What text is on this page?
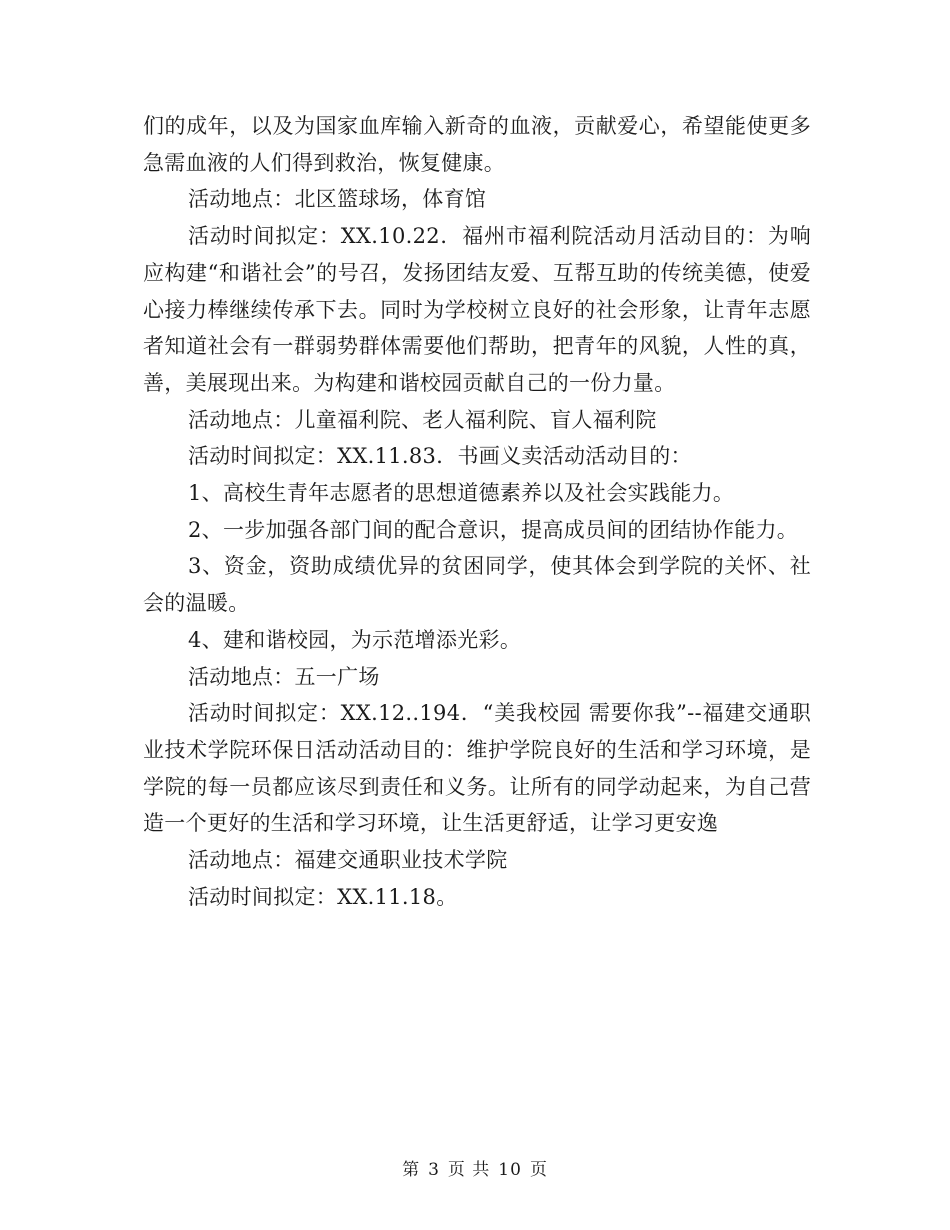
们的成年，以及为国家血库输入新奇的血液，贡献爱心，希望能使更多急需血液的人们得到救治，恢复健康。

活动地点：北区篮球场，体育馆

活动时间拟定：XX.10.22．福州市福利院活动月活动目的：为响应构建“和谐社会”的号召，发扬团结友爱、互帮互助的传统美德，使爱心接力棒继续传承下去。同时为学校树立良好的社会形象，让青年志愿者知道社会有一群弱势群体需要他们帮助，把青年的风貌，人性的真，善，美展现出来。为构建和谐校园贡献自己的一份力量。

活动地点：儿童福利院、老人福利院、盲人福利院

活动时间拟定：XX.11.83．书画义卖活动活动目的：

1、高校生青年志愿者的思想道德素养以及社会实践能力。

2、一步加强各部门间的配合意识，提高成员间的团结协作能力。

3、资金，资助成绩优异的贫困同学，使其体会到学院的关怀、社会的温暖。

4、建和谐校园，为示范增添光彩。

活动地点：五一广场

活动时间拟定：XX.12..194．“美我校园 需要你我”--福建交通职业技术学院环保日活动活动目的：维护学院良好的生活和学习环境，是学院的每一员都应该尽到责任和义务。让所有的同学动起来，为自己营造一个更好的生活和学习环境，让生活更舒适，让学习更安逸

活动地点：福建交通职业技术学院

活动时间拟定：XX.11.18。

第 3 页 共 10 页
